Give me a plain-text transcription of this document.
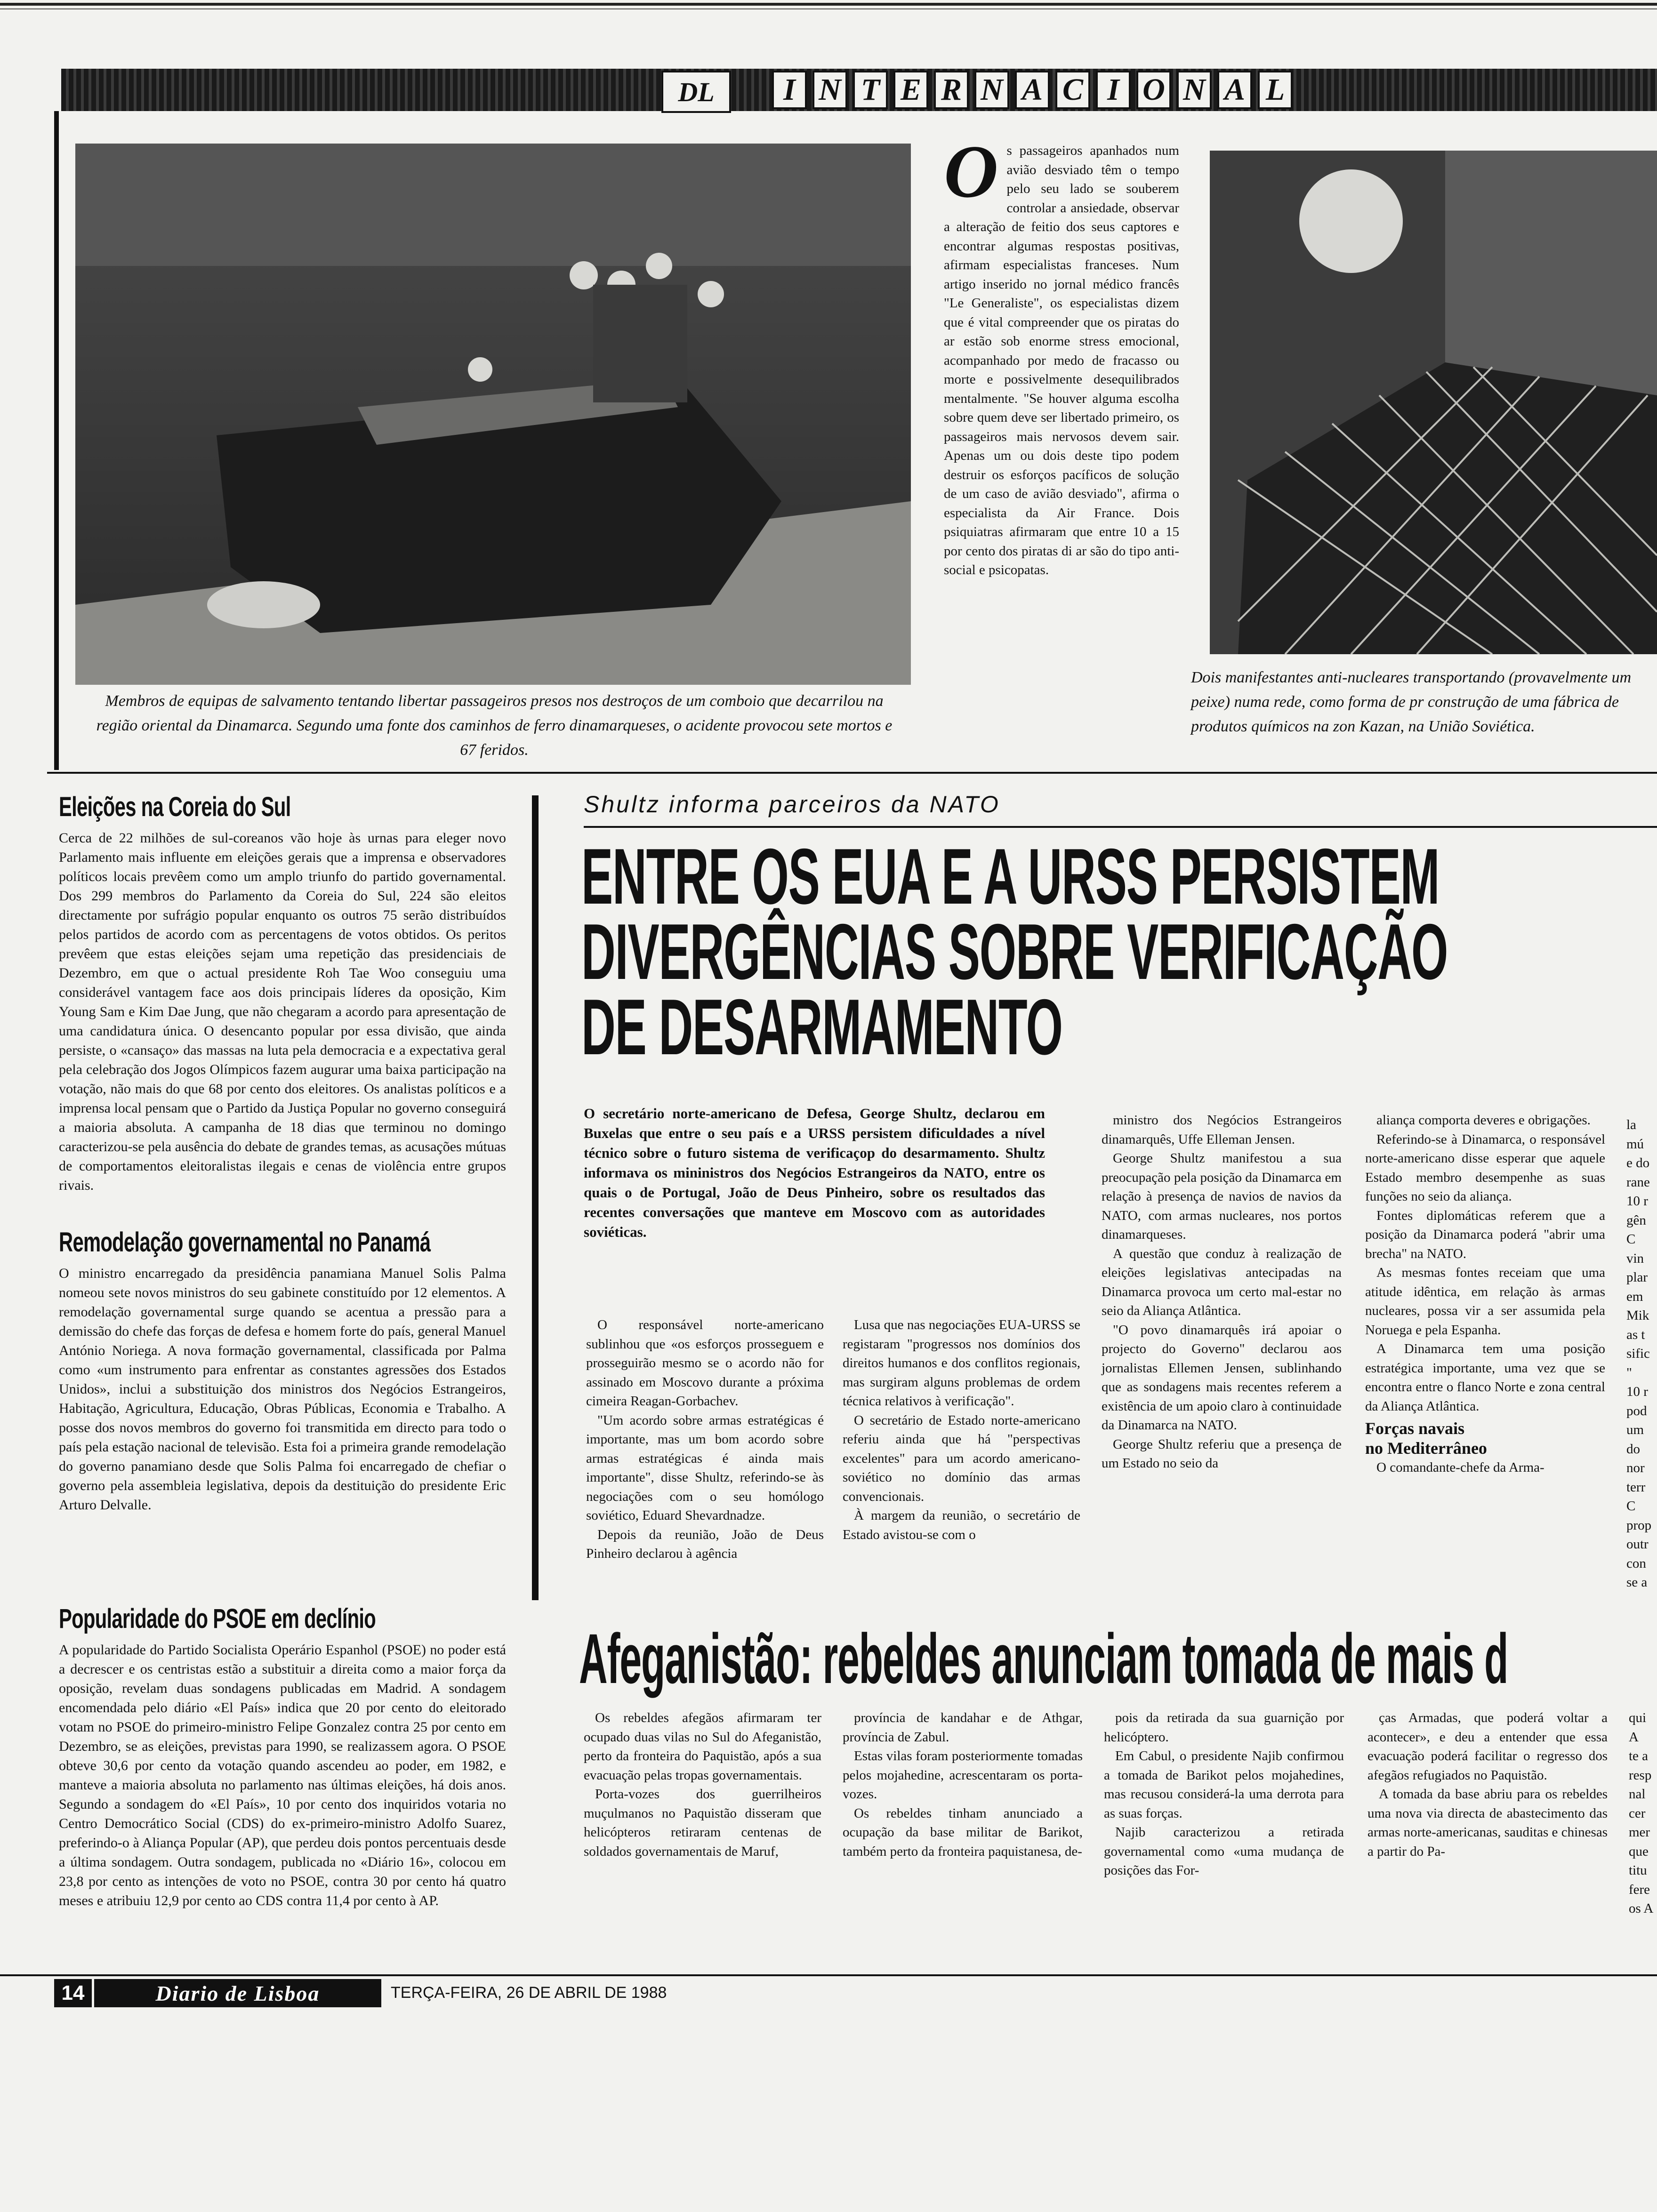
DL	I N T E R N A C I O N A L
Membros de equipas de salvamento tentando libertar passageiros presos nos destroços de um comboio que decarrilou na região oriental da Dinamarca. Segundo uma fonte dos caminhos de ferro dinamarqueses, o acidente provocou sete mortos e 67 feridos.
O s passageiros apanhados num avião desviado têm o tempo pelo seu lado se souberem controlar a ansiedade, observar a alteração de feitio dos seus captores e encontrar algumas respostas positivas, afirmam especialistas franceses. Num artigo inserido no jornal médico francês "Le Generaliste", os especialistas dizem que é vital compreender que os piratas do ar estão sob enorme stress emocional, acompanhado por medo de fracasso ou morte e possivelmente desequilibrados mentalmente. "Se houver alguma escolha sobre quem deve ser libertado primeiro, os passageiros mais nervosos devem sair. Apenas um ou dois deste tipo podem destruir os esforços pacíficos de solução de um caso de avião desviado", afirma o especialista da Air France. Dois psiquiatras afirmaram que entre 10 a 15 por cento dos piratas di ar são do tipo anti-social e psicopatas.
Dois manifestantes anti-nucleares transportando (provavelmente um peixe) numa rede, como forma de pr construção de uma fábrica de produtos químicos na zon Kazan, na União Soviética.
Eleições na Coreia do Sul
Cerca de 22 milhões de sul-coreanos vão hoje às urnas para eleger novo Parlamento mais influente em eleições gerais que a imprensa e observadores políticos locais prevêem como um amplo triunfo do partido governamental. Dos 299 membros do Parlamento da Coreia do Sul, 224 são eleitos directamente por sufrágio popular enquanto os outros 75 serão distribuídos pelos partidos de acordo com as percentagens de votos obtidos. Os peritos prevêem que estas eleições sejam uma repetição das presidenciais de Dezembro, em que o actual presidente Roh Tae Woo conseguiu uma considerável vantagem face aos dois principais líderes da oposição, Kim Young Sam e Kim Dae Jung, que não chegaram a acordo para apresentação de uma candidatura única. O desencanto popular por essa divisão, que ainda persiste, o «cansaço» das massas na luta pela democracia e a expectativa geral pela celebração dos Jogos Olímpicos fazem augurar uma baixa participação na votação, não mais do que 68 por cento dos eleitores. Os analistas políticos e a imprensa local pensam que o Partido da Justiça Popular no governo conseguirá a maioria absoluta. A campanha de 18 dias que terminou no domingo caracterizou-se pela ausência do debate de grandes temas, as acusações mútuas de comportamentos eleitoralistas ilegais e cenas de violência entre grupos rivais.
Remodelação governamental no Panamá
O ministro encarregado da presidência panamiana Manuel Solis Palma nomeou sete novos ministros do seu gabinete constituído por 12 elementos. A remodelação governamental surge quando se acentua a pressão para a demissão do chefe das forças de defesa e homem forte do país, general Manuel António Noriega. A nova formação governamental, classificada por Palma como «um instrumento para enfrentar as constantes agressões dos Estados Unidos», inclui a substituição dos ministros dos Negócios Estrangeiros, Habitação, Agricultura, Educação, Obras Públicas, Economia e Trabalho. A posse dos novos membros do governo foi transmitida em directo para todo o país pela estação nacional de televisão. Esta foi a primeira grande remodelação do governo panamiano desde que Solis Palma foi encarregado de chefiar o governo pela assembleia legislativa, depois da destituição do presidente Eric Arturo Delvalle.
Popularidade do PSOE em declínio
A popularidade do Partido Socialista Operário Espanhol (PSOE) no poder está a decrescer e os centristas estão a substituir a direita como a maior força da oposição, revelam duas sondagens publicadas em Madrid. A sondagem encomendada pelo diário «El País» indica que 20 por cento do eleitorado votam no PSOE do primeiro-ministro Felipe Gonzalez contra 25 por cento em Dezembro, se as eleições, previstas para 1990, se realizassem agora. O PSOE obteve 30,6 por cento da votação quando ascendeu ao poder, em 1982, e manteve a maioria absoluta no parlamento nas últimas eleições, há dois anos. Segundo a sondagem do «El País», 10 por cento dos inquiridos votaria no Centro Democrático Social (CDS) do ex-primeiro-ministro Adolfo Suarez, preferindo-o à Aliança Popular (AP), que perdeu dois pontos percentuais desde a última sondagem. Outra sondagem, publicada no «Diário 16», colocou em 23,8 por cento as intenções de voto no PSOE, contra 30 por cento há quatro meses e atribuiu 12,9 por cento ao CDS contra 11,4 por cento à AP.
Shultz informa parceiros da NATO
ENTRE OS EUA E A URSS PERSISTEM
DIVERGÊNCIAS SOBRE VERIFICAÇÃO
DE DESARMAMENTO
O secretário norte-americano de Defesa, George Shultz, declarou em Buxelas que entre o seu país e a URSS persistem dificuldades a nível técnico sobre o futuro sistema de verificaçop do desarmamento. Shultz informava os mininistros dos Negócios Estrangeiros da NATO, entre os quais o de Portugal, João de Deus Pinheiro, sobre os resultados das recentes conversações que manteve em Moscovo com as autoridades soviéticas.

O responsável norte-americano sublinhou que «os esforços prosseguem e prosseguirão mesmo se o acordo não for assinado em Moscovo durante a próxima cimeira Reagan-Gorbachev.

"Um acordo sobre armas estratégicas é importante, mas um bom acordo sobre armas estratégicas é ainda mais importante", disse Shultz, referindo-se às negociações com o seu homólogo soviético, Eduard Shevardnadze.

Depois da reunião, João de Deus Pinheiro declarou à agência

Lusa que nas negociações EUA-URSS se registaram "progressos nos domínios dos direitos humanos e dos conflitos regionais, mas surgiram alguns problemas de ordem técnica relativos à verificação".

O secretário de Estado norte-americano referiu ainda que há "perspectivas excelentes" para um acordo americano-soviético no domínio das armas convencionais.

À margem da reunião, o secretário de Estado avistou-se com o

ministro dos Negócios Estrangeiros dinamarquês, Uffe Elleman Jensen.

George Shultz manifestou a sua preocupação pela posição da Dinamarca em relação à presença de navios de navios da NATO, com armas nucleares, nos portos dinamarqueses.

A questão que conduz à realização de eleições legislativas antecipadas na Dinamarca provoca um certo mal-estar no seio da Aliança Atlântica.

"O povo dinamarquês irá apoiar o projecto do Governo" declarou aos jornalistas Ellemen Jensen, sublinhando que as sondagens mais recentes referem a existência de um apoio claro à continuidade da Dinamarca na NATO.

George Shultz referiu que a presença de um Estado no seio da

aliança comporta deveres e obrigações.

Referindo-se à Dinamarca, o responsável norte-americano disse esperar que aquele Estado membro desempenhe as suas funções no seio da aliança.

Fontes diplomáticas referem que a posição da Dinamarca poderá "abrir uma brecha" na NATO.

As mesmas fontes receiam que uma atitude idêntica, em relação às armas nucleares, possa vir a ser assumida pela Noruega e pela Espanha.

A Dinamarca tem uma posição estratégica importante, uma vez que se encontra entre o flanco Norte e zona central da Aliança Atlântica.

Forças navais
no Mediterrâneo

O comandante-chefe da Arma-

la
mú
e do
rane
10 r
gên
C
vin
plar
em
Mik
as t
sific
"
10 r
pod
um
do
nor
terr
C
prop
outr
con
se a
Afeganistão: rebeldes anunciam tomada de mais d

Os rebeldes afegãos afirmaram ter ocupado duas vilas no Sul do Afeganistão, perto da fronteira do Paquistão, após a sua evacuação pelas tropas governamentais.

Porta-vozes dos guerrilheiros muçulmanos no Paquistão disseram que helicópteros retiraram centenas de soldados governamentais de Maruf,

província de kandahar e de Athgar, província de Zabul.

Estas vilas foram posteriormente tomadas pelos mojahedine, acrescentaram os porta-vozes.

Os rebeldes tinham anunciado a ocupação da base militar de Barikot, também perto da fronteira paquistanesa, de-

pois da retirada da sua guarnição por helicóptero.

Em Cabul, o presidente Najib confirmou a tomada de Barikot pelos mojahedines, mas recusou considerá-la uma derrota para as suas forças.

Najib caracterizou a retirada governamental como «uma mudança de posições das For-

ças Armadas, que poderá voltar a acontecer», e deu a entender que essa evacuação poderá facilitar o regresso dos afegãos refugiados no Paquistão.

A tomada da base abriu para os rebeldes uma nova via directa de abastecimento das armas norte-americanas, sauditas e chinesas a partir do Pa-

qui
A
te a
resp
nal
cer
mer
que
titu
fere
os A
14	Diario de Lisboa	TERÇA-FEIRA, 26 DE ABRIL DE 1988
